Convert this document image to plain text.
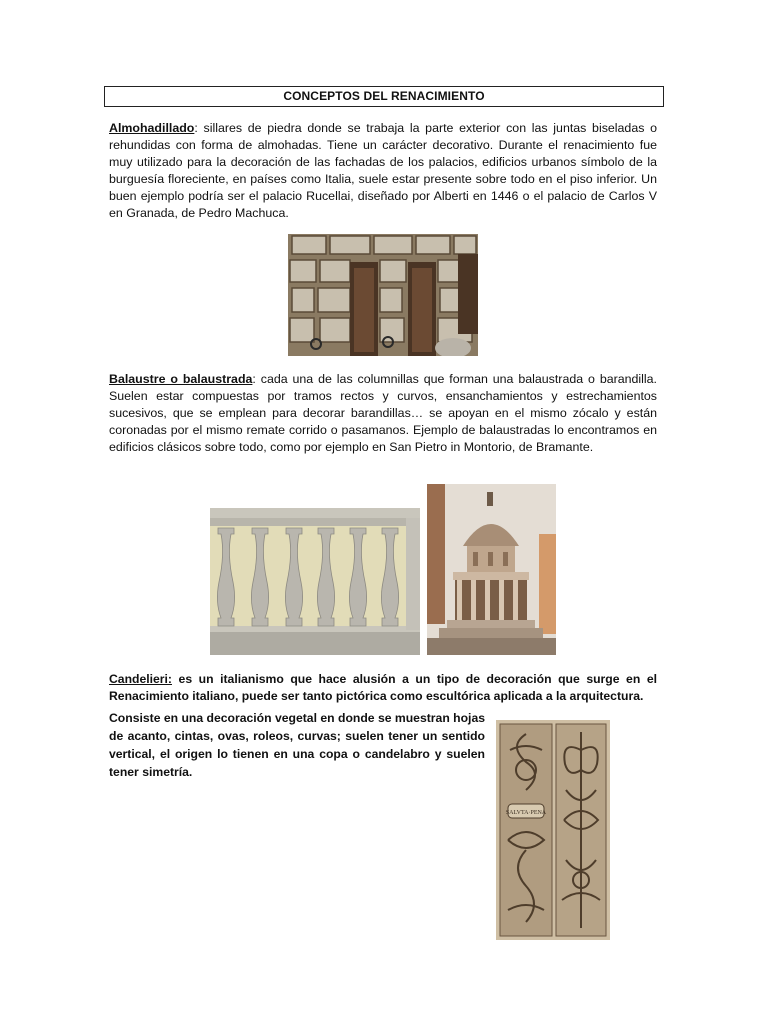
CONCEPTOS DEL RENACIMIENTO

Almohadillado: sillares de piedra donde se trabaja la parte exterior con las juntas biseladas o rehundidas con forma de almohadas. Tiene un carácter decorativo. Durante el renacimiento fue muy utilizado para la decoración de las fachadas de los palacios, edificios urbanos símbolo de la burguesía floreciente, en países como Italia, suele estar presente sobre todo en el piso inferior. Un buen ejemplo podría ser el palacio Rucellai, diseñado por Alberti en 1446 o el palacio de Carlos V en Granada, de Pedro Machuca.

Balaustre o balaustrada: cada una de las columnillas que forman una balaustrada o barandilla. Suelen estar compuestas por tramos rectos y curvos, ensanchamientos y estrechamientos sucesivos, que se emplean para decorar barandillas… se apoyan en el mismo zócalo y están coronadas por el mismo remate corrido o pasamanos. Ejemplo de balaustradas lo encontramos en edificios clásicos sobre todo, como por ejemplo en San Pietro in Montorio, de Bramante.

Candelieri: es un italianismo que hace alusión a un tipo de decoración que surge en el Renacimiento italiano, puede ser tanto pictórica como escultórica aplicada a la arquitectura.

Consiste en una decoración vegetal en donde se muestran hojas de acanto, cintas, ovas, roleos, curvas; suelen tener un sentido vertical, el origen lo tienen en una copa o candelabro y suelen tener simetría.

SALVTA·PENA
